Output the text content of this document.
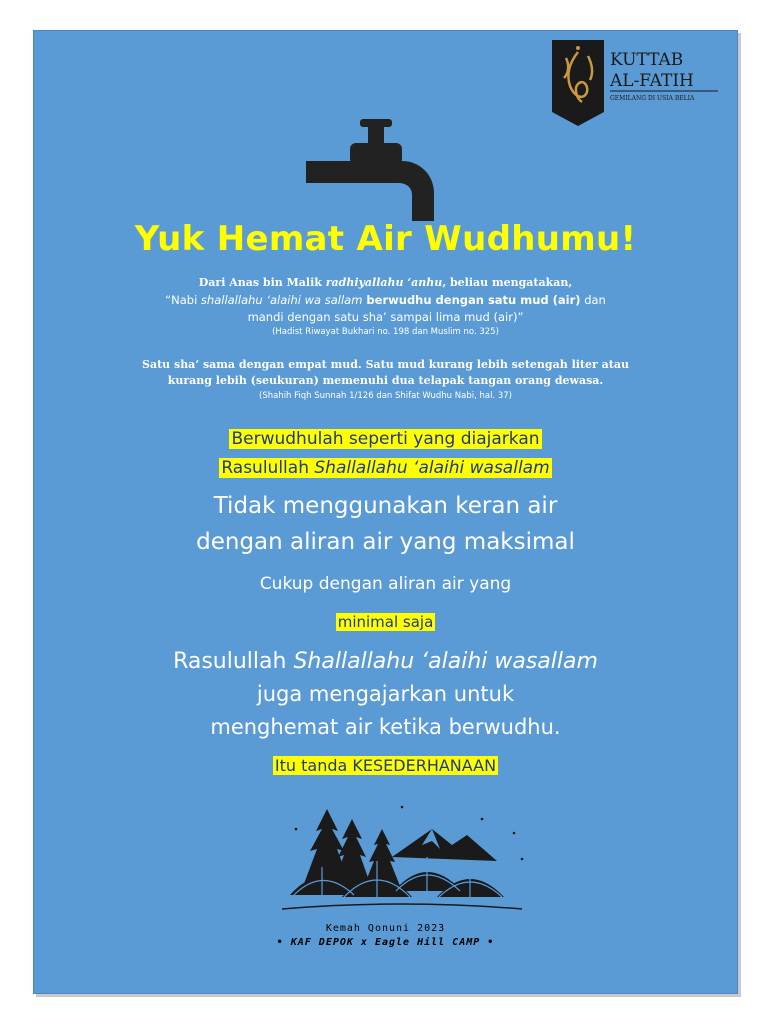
KUTTAB
AL-FATIH
GEMILANG DI USIA BELIA
Yuk Hemat Air Wudhumu!
Dari Anas bin Malik radhiyallahu ‘anhu, beliau mengatakan,
“Nabi shallallahu ‘alaihi wa sallam berwudhu dengan satu mud (air) dan
mandi dengan satu sha’ sampai lima mud (air)”
(Hadist Riwayat Bukhari no. 198 dan Muslim no. 325)
Satu sha’ sama dengan empat mud. Satu mud kurang lebih setengah liter atau
kurang lebih (seukuran) memenuhi dua telapak tangan orang dewasa.
(Shahih Fiqh Sunnah 1/126 dan Shifat Wudhu Nabi, hal. 37)
Berwudhulah seperti yang diajarkan
Rasulullah Shallallahu ‘alaihi wasallam
Tidak menggunakan keran air
dengan aliran air yang maksimal
Cukup dengan aliran air yang
minimal saja
Rasulullah Shallallahu ‘alaihi wasallam
juga mengajarkan untuk
menghemat air ketika berwudhu.
Itu tanda KESEDERHANAAN
Kemah Qonuni 2023
• KAF DEPOK x Eagle Hill CAMP •
